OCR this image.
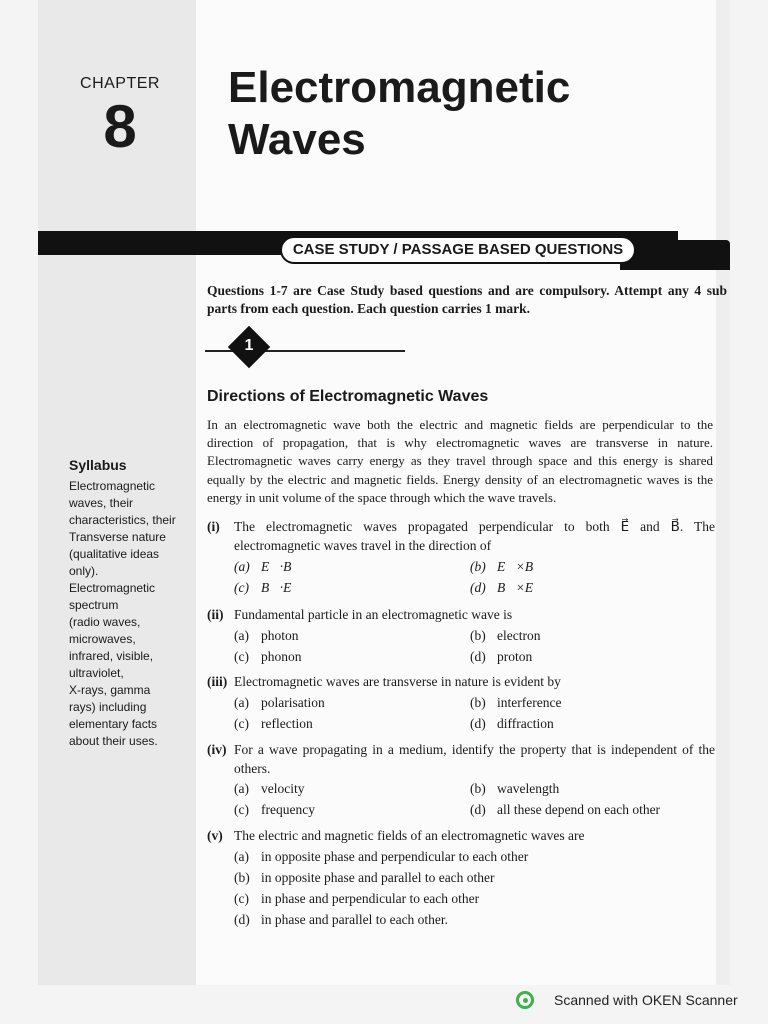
CHAPTER
8
Electromagnetic
Waves
CASE STUDY / PASSAGE BASED QUESTIONS
Questions 1-7 are Case Study based questions and are compulsory. Attempt any 4 sub parts from each question. Each question carries 1 mark.
1
Directions of Electromagnetic Waves
In an electromagnetic wave both the electric and magnetic fields are perpendicular to the direction of propagation, that is why electromagnetic waves are transverse in nature. Electromagnetic waves carry energy as they travel through space and this energy is shared equally by the electric and magnetic fields. Energy density of an electromagnetic waves is the energy in unit volume of the space through which the wave travels.
Syllabus
Electromagnetic
waves, their
characteristics, their
Transverse nature
(qualitative ideas
only).
Electromagnetic
spectrum
(radio waves,
microwaves,
infrared, visible,
ultraviolet,
X-rays, gamma
rays) including
elementary facts
about their uses.
(i) The electromagnetic waves propagated perpendicular to both E⃗ and B⃗. The electromagnetic waves travel in the direction of
(a) E⃗·B⃗	(b) E⃗×B⃗
(c) B⃗·E⃗	(d) B⃗×E⃗
(ii) Fundamental particle in an electromagnetic wave is
(a) photon	(b) electron
(c) phonon	(d) proton
(iii) Electromagnetic waves are transverse in nature is evident by
(a) polarisation	(b) interference
(c) reflection	(d) diffraction
(iv) For a wave propagating in a medium, identify the property that is independent of the others.
(a) velocity	(b) wavelength
(c) frequency	(d) all these depend on each other
(v) The electric and magnetic fields of an electromagnetic waves are
(a) in opposite phase and perpendicular to each other
(b) in opposite phase and parallel to each other
(c) in phase and perpendicular to each other
(d) in phase and parallel to each other.
Scanned with OKEN Scanner
